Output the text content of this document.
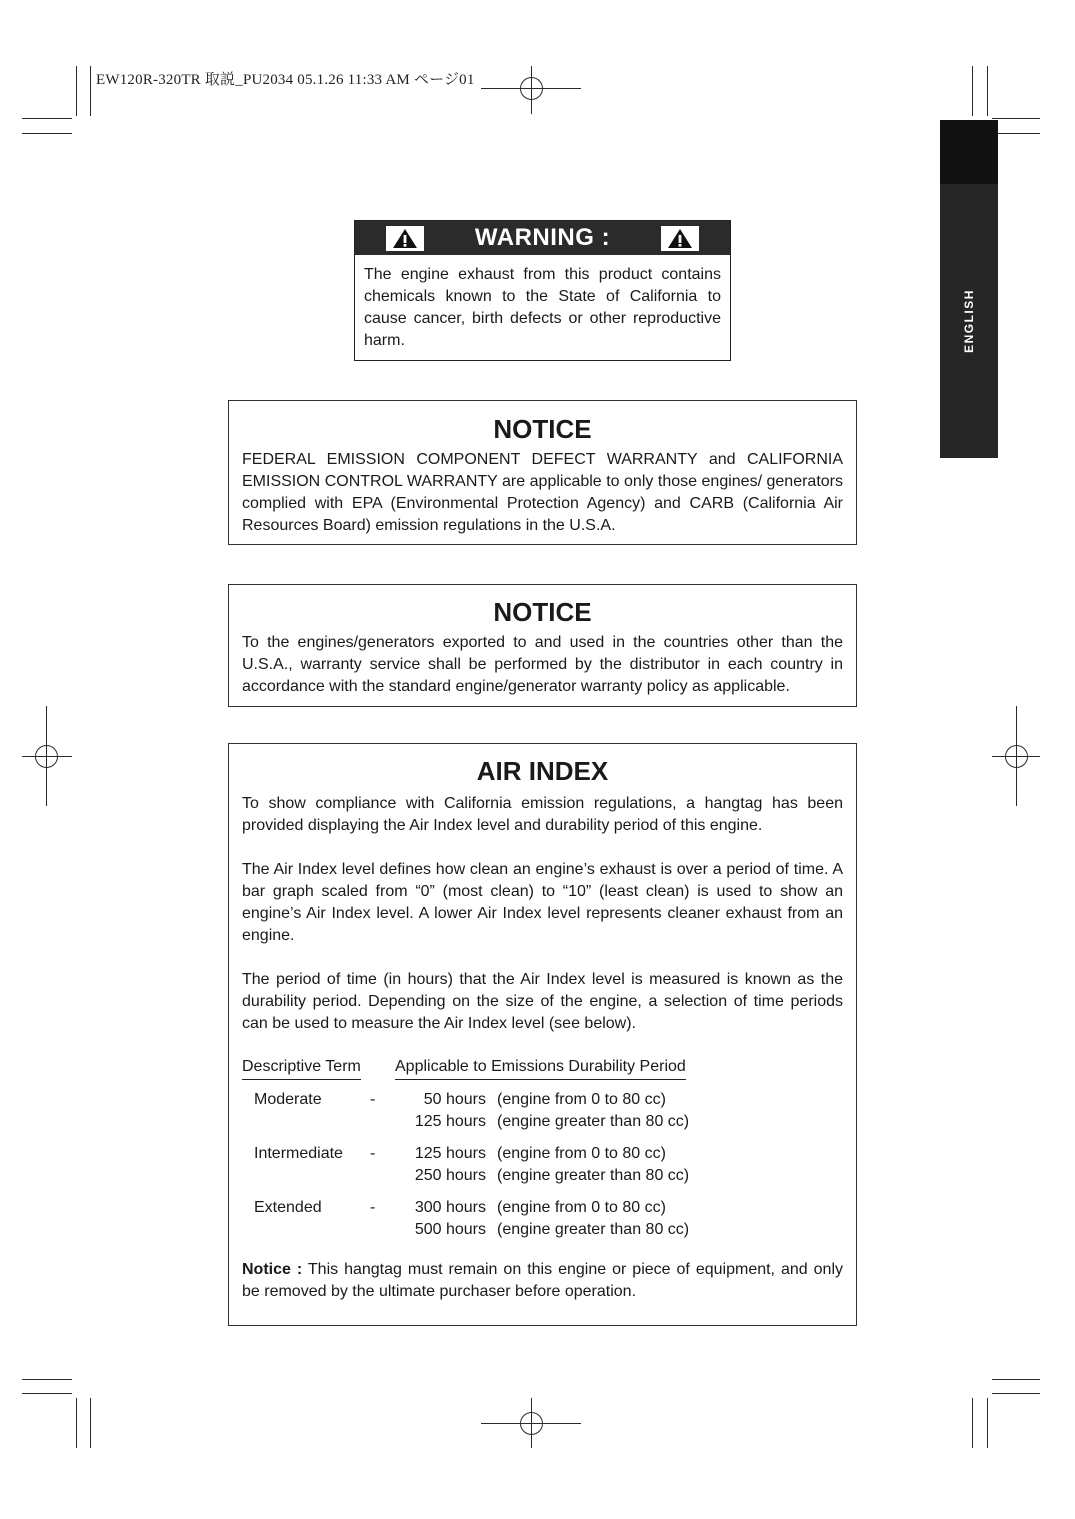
EW120R-320TR 取説_PU2034 05.1.26 11:33 AM ページ01

ENGLISH
WARNING :

The engine exhaust from this product contains chemicals known to the State of California to cause cancer, birth defects or other reproductive harm.

NOTICE

FEDERAL EMISSION COMPONENT DEFECT WARRANTY and CALIFORNIA EMISSION CONTROL WARRANTY are applicable to only those engines/ generators complied with EPA (Environmental Protection Agency) and CARB (California Air Resources Board) emission regulations in the U.S.A.

NOTICE

To the engines/generators exported to and used in the countries other than the U.S.A., warranty service shall be performed by the distributor in each country in accordance with the standard engine/generator warranty policy as applicable.

AIR INDEX

To show compliance with California emission regulations, a hangtag has been provided displaying the Air Index level and durability period of this engine.

The Air Index level defines how clean an engine’s exhaust is over a period of time. A bar graph scaled from “0” (most clean) to “10” (least clean) is used to show an engine’s Air Index level. A lower Air Index level represents cleaner exhaust from an engine.

The period of time (in hours) that the Air Index level is measured is known as the durability period. Depending on the size of the engine, a selection of time periods can be used to measure the Air Index level (see below).

Descriptive Term Applicable to Emissions Durability Period
Moderate	-	50 hours (engine from 0 to 80 cc)
125 hours (engine greater than 80 cc)
Intermediate - 125 hours (engine from 0 to 80 cc)
250 hours (engine greater than 80 cc)
Extended	- 300 hours (engine from 0 to 80 cc)
500 hours (engine greater than 80 cc)

Notice : This hangtag must remain on this engine or piece of equipment, and only be removed by the ultimate purchaser before operation.
